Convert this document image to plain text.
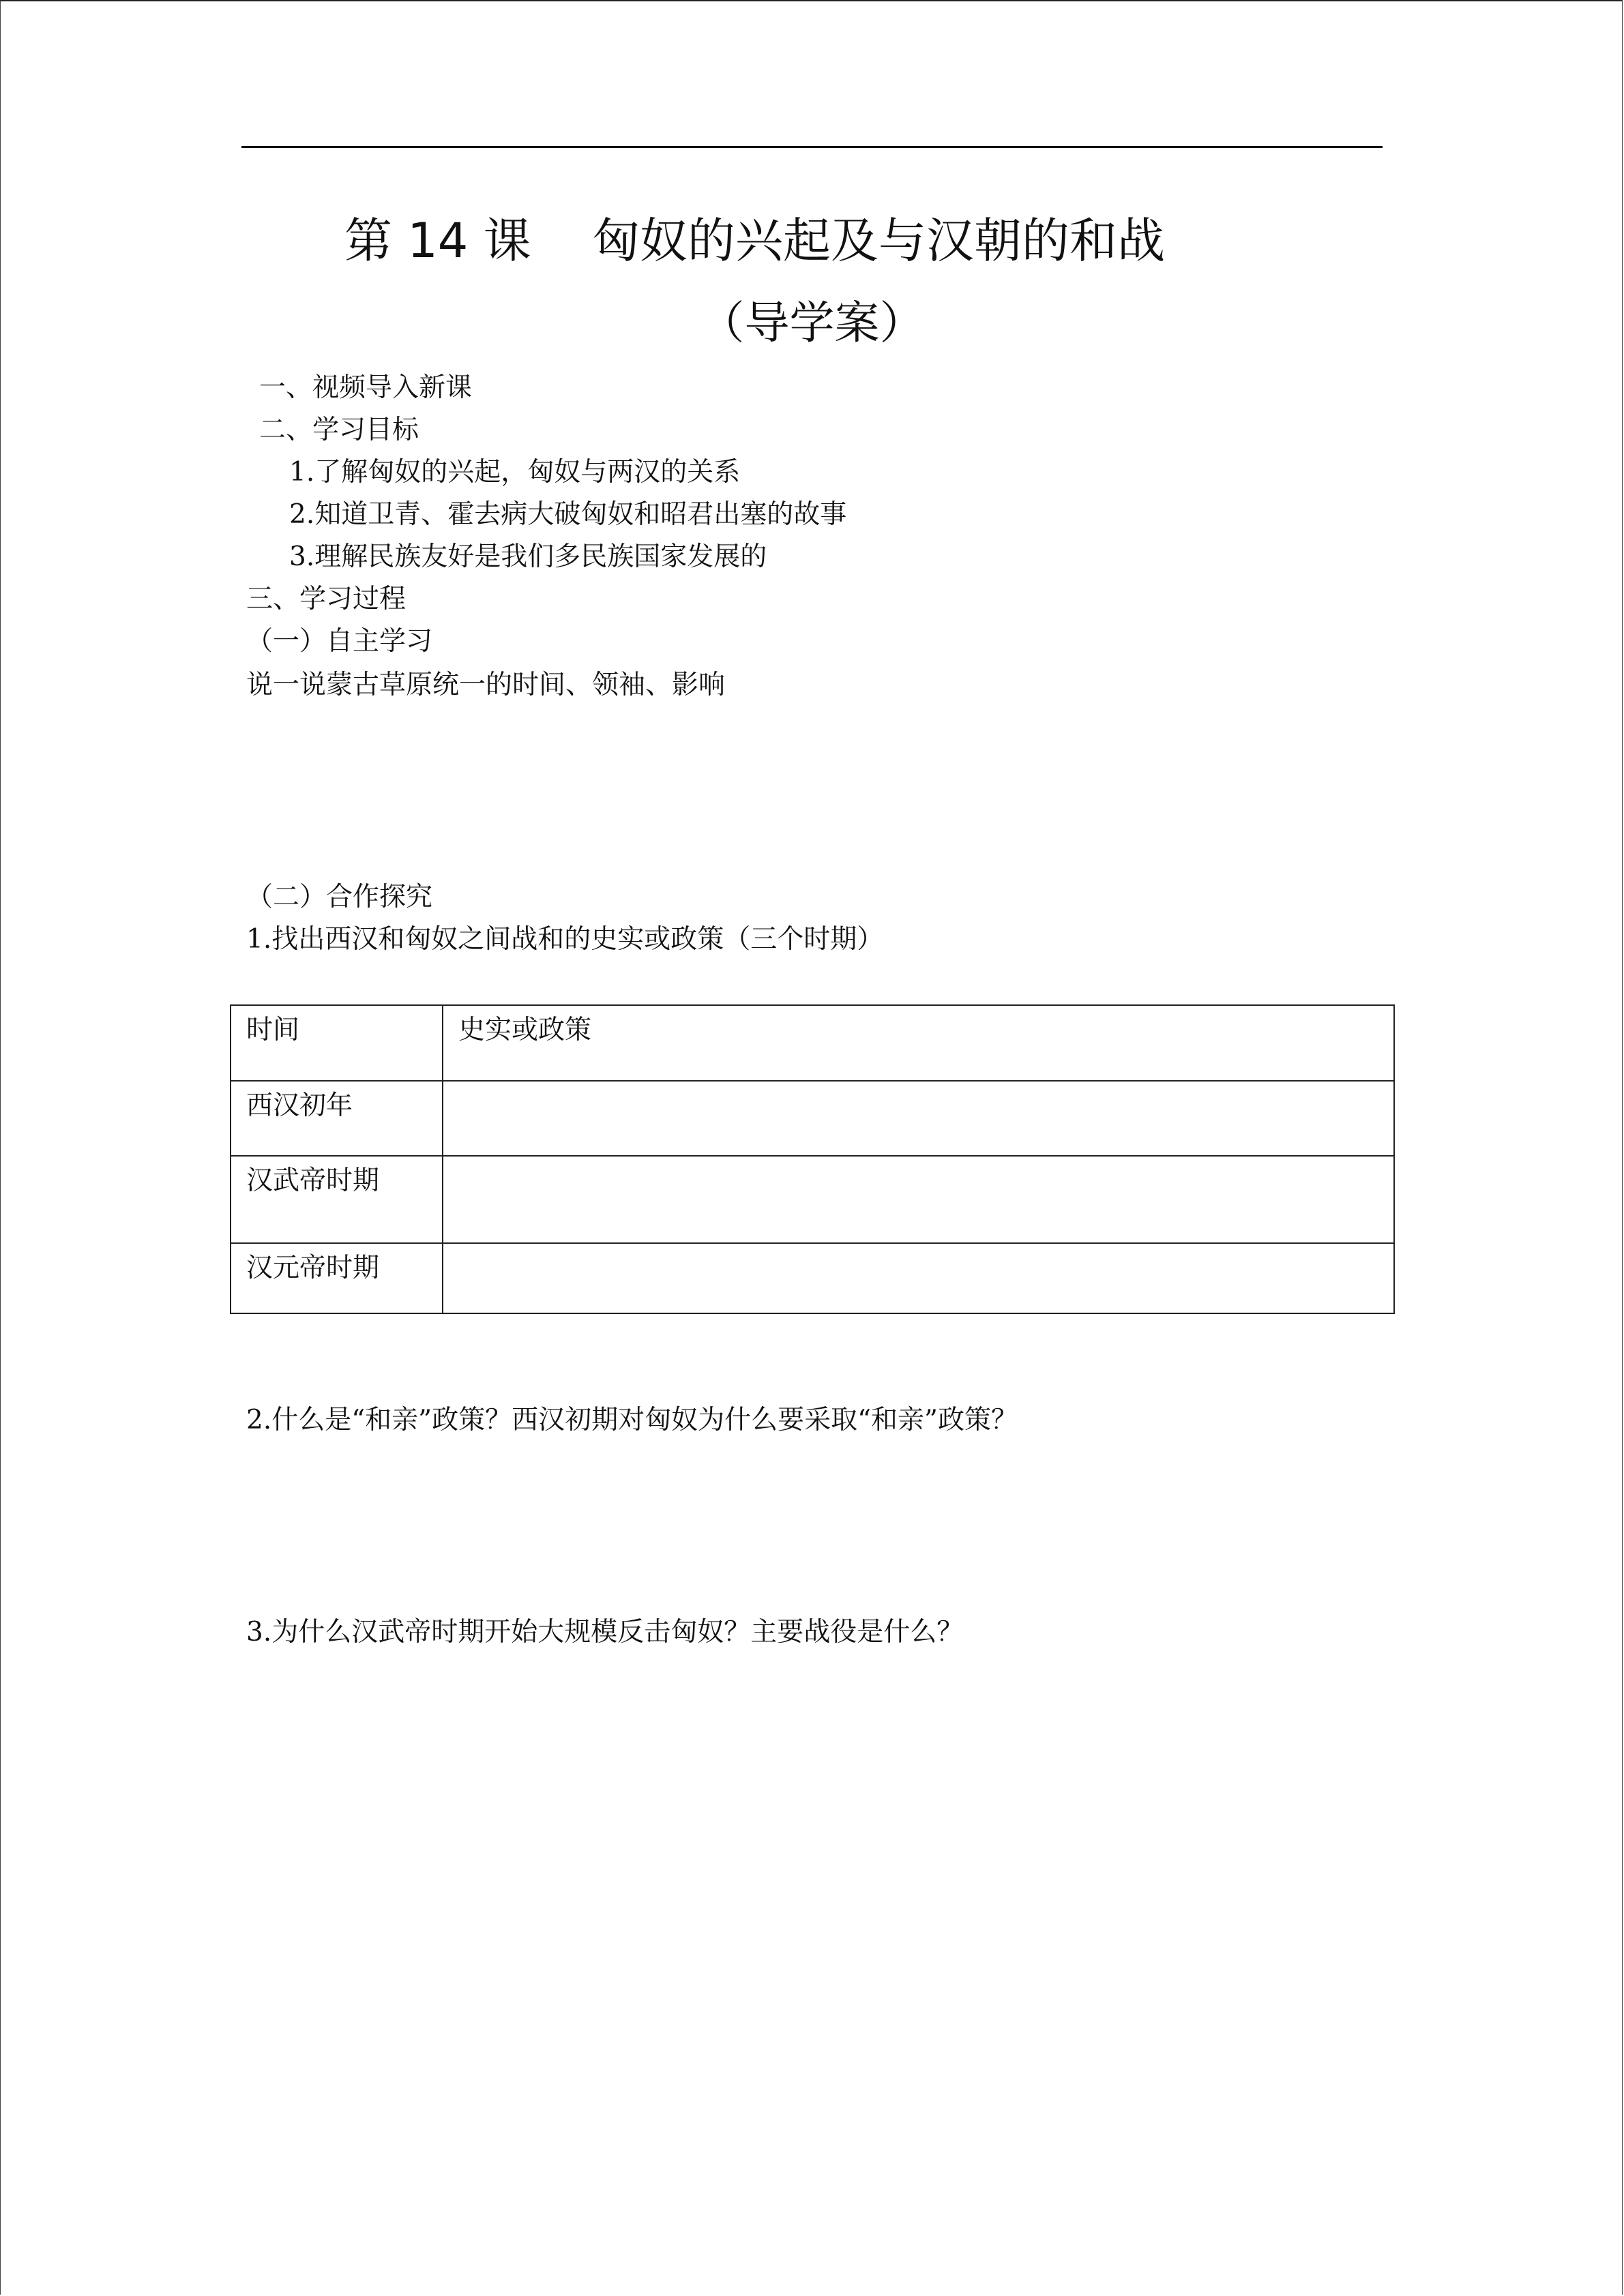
第 14 课 匈奴的兴起及与汉朝的和战
（导学案）
一、视频导入新课
二、学习目标
1.了解匈奴的兴起，匈奴与两汉的关系
2.知道卫青、霍去病大破匈奴和昭君出塞的故事
3.理解民族友好是我们多民族国家发展的
三、学习过程
（一）自主学习
说一说蒙古草原统一的时间、领袖、影响
（二）合作探究
1.找出西汉和匈奴之间战和的史实或政策（三个时期）
时间	史实或政策
西汉初年	
汉武帝时期	
汉元帝时期	
2.什么是“和亲”政策？西汉初期对匈奴为什么要采取“和亲”政策？
3.为什么汉武帝时期开始大规模反击匈奴？主要战役是什么？
